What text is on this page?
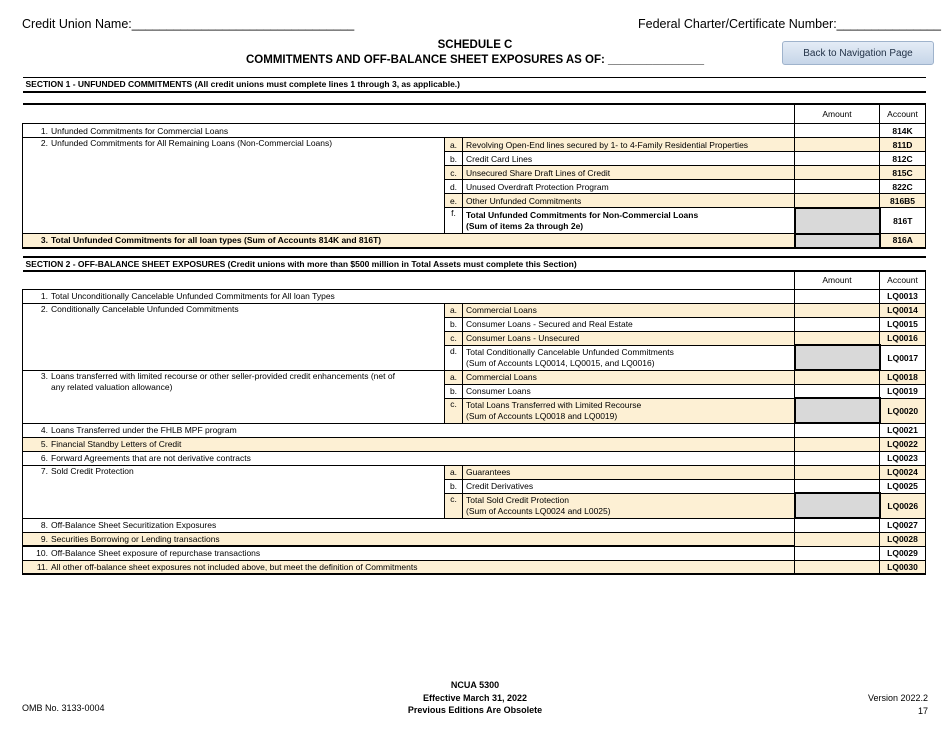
Credit Union Name:________________________________	Federal Charter/Certificate Number:_______________
SCHEDULE C
COMMITMENTS AND OFF-BALANCE SHEET EXPOSURES AS OF: _______________
Back to Navigation Page
SECTION 1 - UNFUNDED COMMITMENTS (All credit unions must complete lines 1 through 3, as applicable.)				

			Amount	Account
1. Unfunded Commitments for Commercial Loans				814K
2. Unfunded Commitments for All Remaining Loans (Non-Commercial Loans)	a.	Revolving Open-End lines secured by 1- to 4-Family Residential Properties		811D
	b.	Credit Card Lines		812C
	c.	Unsecured Share Draft Lines of Credit		815C
	d.	Unused Overdraft Protection Program		822C
	e.	Other Unfunded Commitments		816B5
	f.	Total Unfunded Commitments for Non-Commercial Loans
(Sum of items 2a through 2e)		816T
3. Total Unfunded Commitments for all loan types (Sum of Accounts 814K and 816T)				816A
SECTION 2 - OFF-BALANCE SHEET EXPOSURES (Credit unions with more than $500 million in Total Assets must complete this Section)				
			Amount	Account
1. Total Unconditionally Cancelable Unfunded Commitments for All loan Types				LQ0013
2. Conditionally Cancelable Unfunded Commitments	a.	Commercial Loans		LQ0014
	b.	Consumer Loans - Secured and Real Estate		LQ0015
	c.	Consumer Loans - Unsecured		LQ0016
	d.	Total Conditionally Cancelable Unfunded Commitments
(Sum of Accounts LQ0014, LQ0015, and LQ0016)		LQ0017

3. Loans transferred with limited recourse or other seller-provided credit enhancements (net of
any related valuation allowance)	a.	Commercial Loans		LQ0018
	b.	Consumer Loans		LQ0019
	c.	Total Loans Transferred with Limited Recourse
(Sum of Accounts LQ0018 and LQ0019)		LQ0020
4. Loans Transferred under the FHLB MPF program				LQ0021
5. Financial Standby Letters of Credit				LQ0022
6. Forward Agreements that are not derivative contracts				LQ0023
7. Sold Credit Protection	a.	Guarantees		LQ0024
	b.	Credit Derivatives		LQ0025
	c.	Total Sold Credit Protection
(Sum of Accounts LQ0024 and L0025)		LQ0026
8. Off-Balance Sheet Securitization Exposures				LQ0027
9. Securities Borrowing or Lending transactions				LQ0028
10. Off-Balance Sheet exposure of repurchase transactions				LQ0029
11. All other off-balance sheet exposures not included above, but meet the definition of Commitments				LQ0030
OMB No. 3133-0004
NCUA 5300
Effective March 31, 2022
Previous Editions Are Obsolete
Version 2022.2
17
